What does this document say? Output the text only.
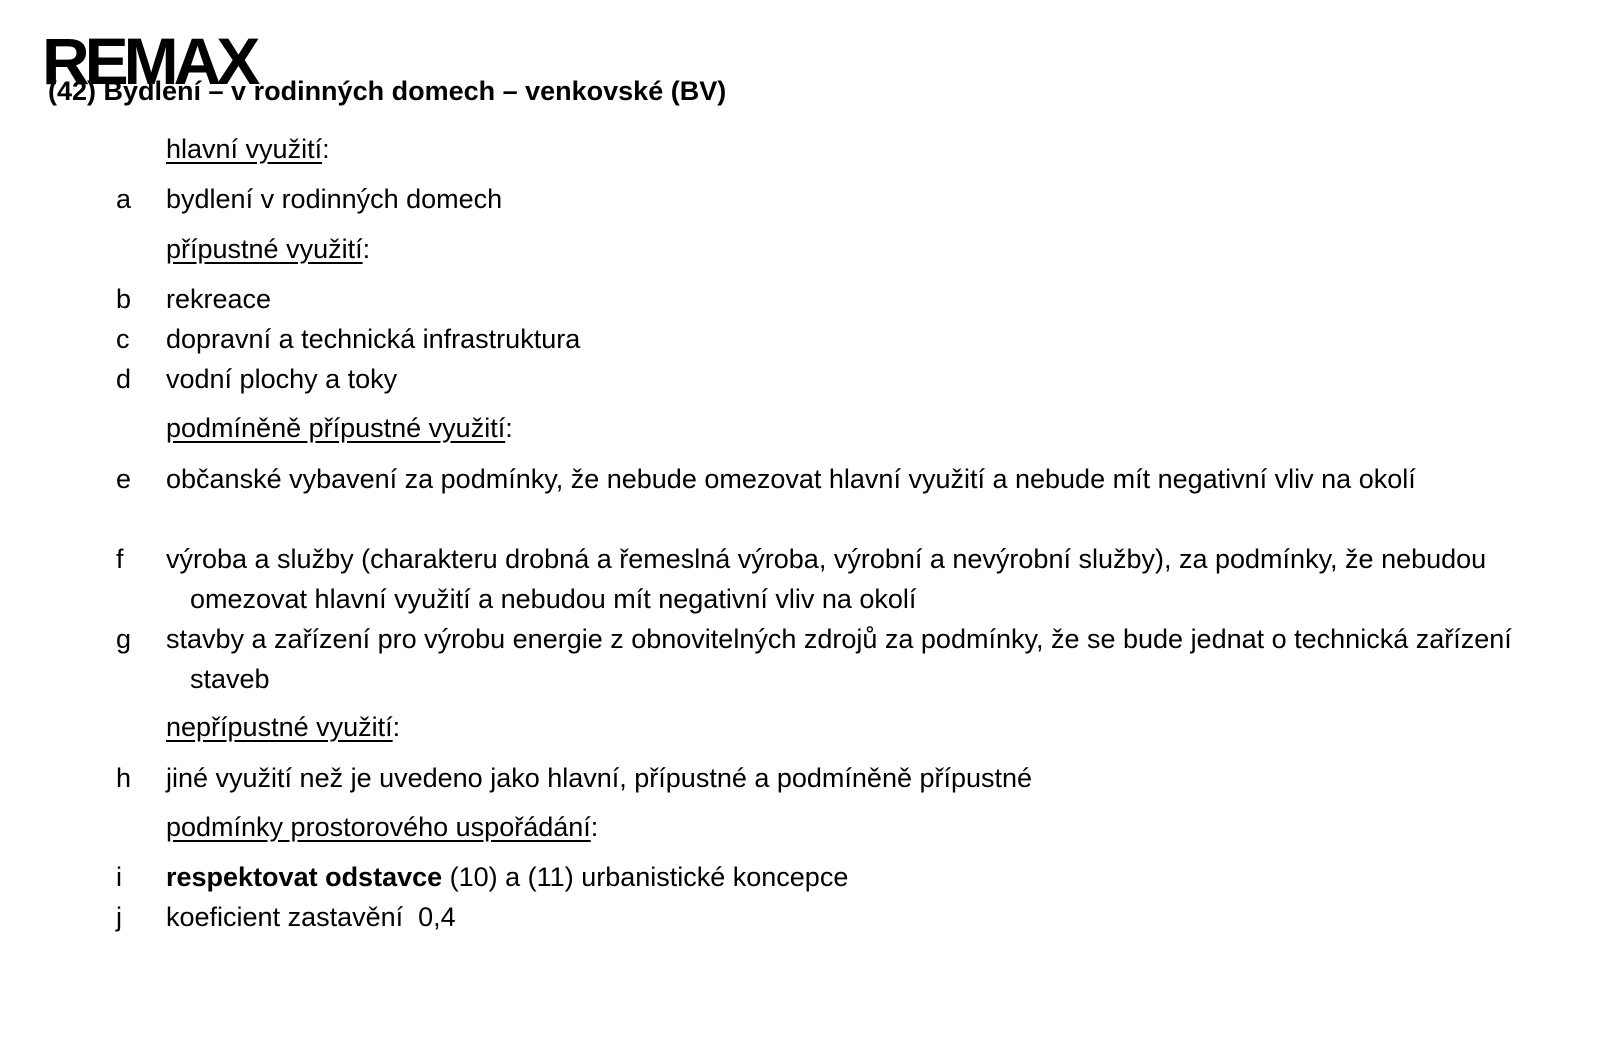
REMAX
(42) Bydlení – v rodinných domech – venkovské (BV)
hlavní využití:
a	bydlení v rodinných domech
přípustné využití:
b	rekreace
c	dopravní a technická infrastruktura
d	vodní plochy a toky
podmíněně přípustné využití:
e	občanské vybavení za podmínky, že nebude omezovat hlavní využití a nebude mít negativní vliv na okolí
f	výroba a služby (charakteru drobná a řemeslná výroba, výrobní a nevýrobní služby), za podmínky, že nebudou omezovat hlavní využití a nebudou mít negativní vliv na okolí
g	stavby a zařízení pro výrobu energie z obnovitelných zdrojů za podmínky, že se bude jednat o technická zařízení staveb
nepřípustné využití:
h	jiné využití než je uvedeno jako hlavní, přípustné a podmíněně přípustné
podmínky prostorového uspořádání:
i	respektovat odstavce (10) a (11) urbanistické koncepce
j	koeficient zastavění  0,4
